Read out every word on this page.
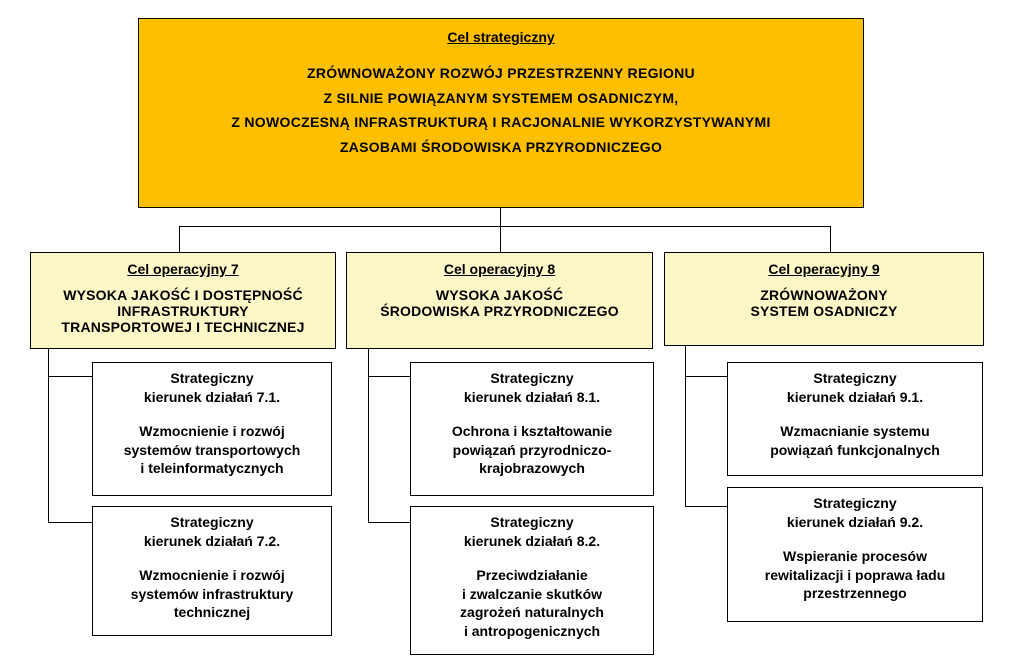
Cel strategiczny
ZRÓWNOWAŻONY ROZWÓJ PRZESTRZENNY REGIONU
Z SILNIE POWIĄZANYM SYSTEMEM OSADNICZYM,
Z NOWOCZESNĄ INFRASTRUKTURĄ I RACJONALNIE WYKORZYSTYWANYMI
ZASOBAMI ŚRODOWISKA PRZYRODNICZEGO
Cel operacyjny 7
WYSOKA JAKOŚĆ I DOSTĘPNOŚĆ
INFRASTRUKTURY
TRANSPORTOWEJ I TECHNICZNEJ
Cel operacyjny 8
WYSOKA JAKOŚĆ
ŚRODOWISKA PRZYRODNICZEGO
Cel operacyjny 9
ZRÓWNOWAŻONY
SYSTEM OSADNICZY
Strategiczny
kierunek działań 7.1.
Wzmocnienie i rozwój
systemów transportowych
i teleinformatycznych
Strategiczny
kierunek działań 7.2.
Wzmocnienie i rozwój
systemów infrastruktury
technicznej
Strategiczny
kierunek działań 8.1.
Ochrona i kształtowanie
powiązań przyrodniczo-
krajobrazowych
Strategiczny
kierunek działań 8.2.
Przeciwdziałanie
i zwalczanie skutków
zagrożeń naturalnych
i antropogenicznych
Strategiczny
kierunek działań 9.1.
Wzmacnianie systemu
powiązań funkcjonalnych
Strategiczny
kierunek działań 9.2.
Wspieranie procesów
rewitalizacji i poprawa ładu
przestrzennego
